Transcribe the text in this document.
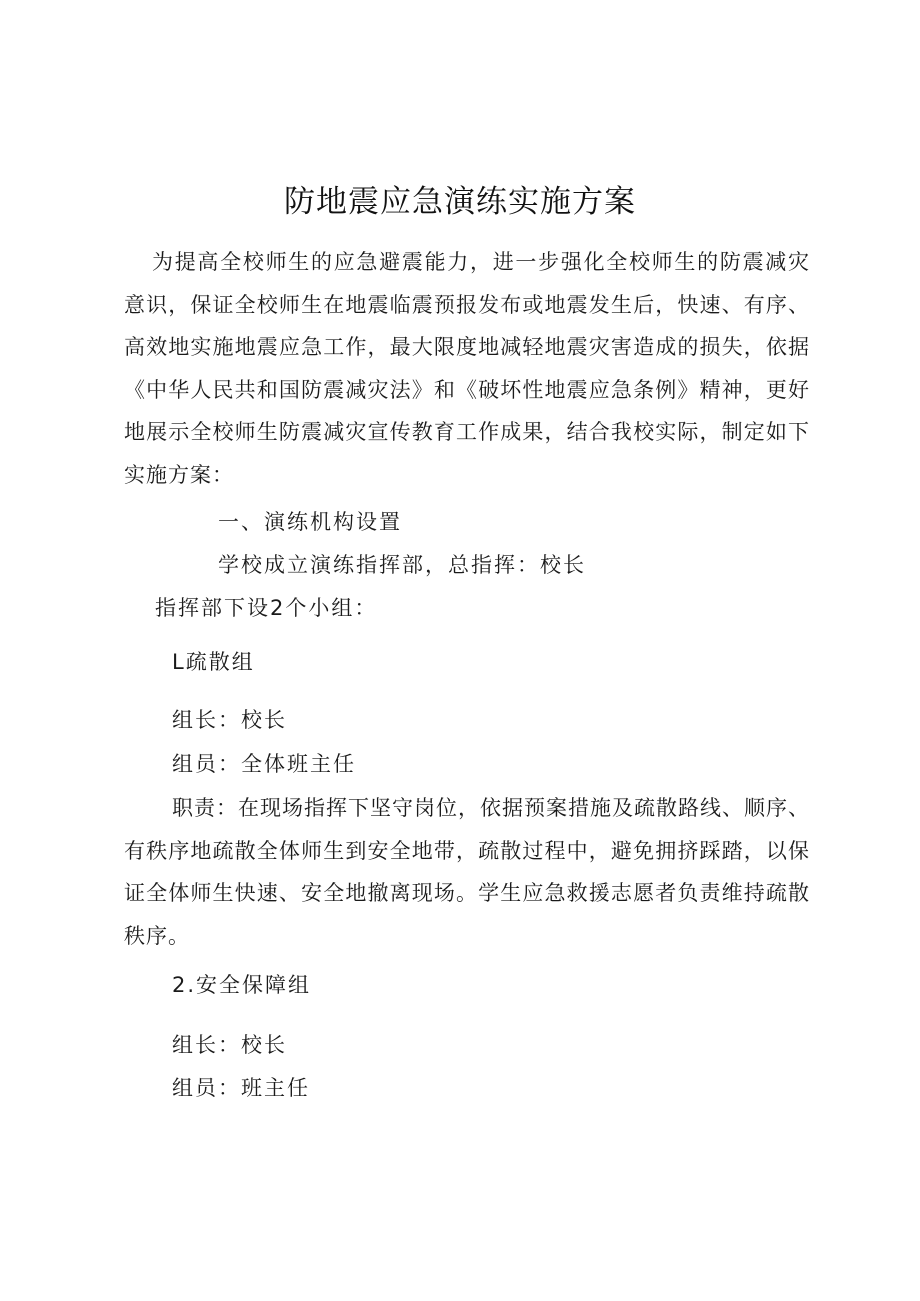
防地震应急演练实施方案
为提高全校师生的应急避震能力，进一步强化全校师生的防震减灾意识，保证全校师生在地震临震预报发布或地震发生后，快速、有序、高效地实施地震应急工作，最大限度地减轻地震灾害造成的损失，依据《中华人民共和国防震减灾法》和《破坏性地震应急条例》精神，更好地展示全校师生防震减灾宣传教育工作成果，结合我校实际，制定如下实施方案：
一、演练机构设置
学校成立演练指挥部，总指挥：校长
指挥部下设2个小组：
L疏散组
组长：校长
组员：全体班主任
职责：在现场指挥下坚守岗位，依据预案措施及疏散路线、顺序、有秩序地疏散全体师生到安全地带，疏散过程中，避免拥挤踩踏，以保证全体师生快速、安全地撤离现场。学生应急救援志愿者负责维持疏散秩序。
2.安全保障组
组长：校长
组员：班主任
